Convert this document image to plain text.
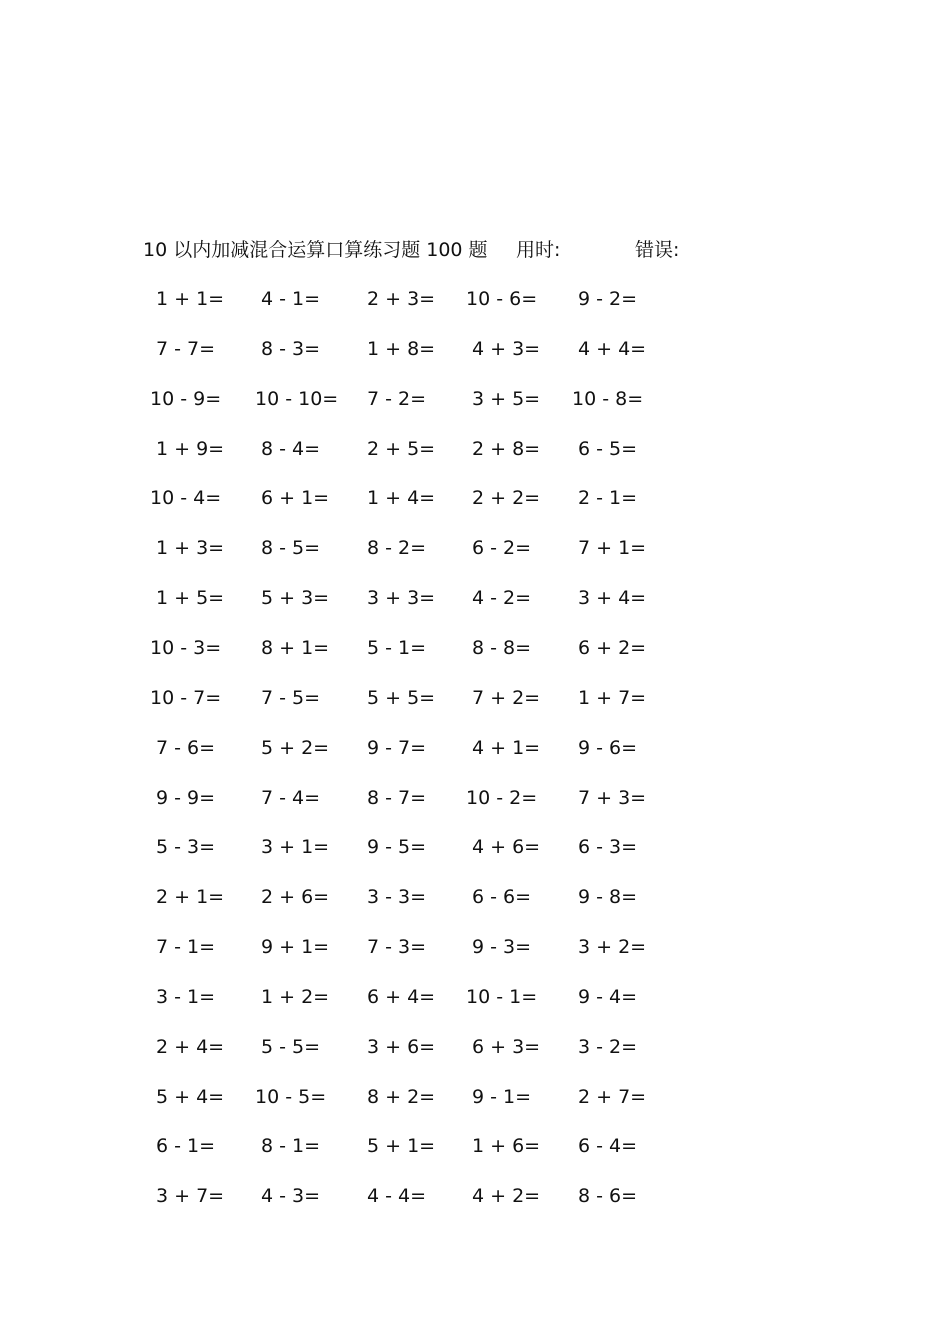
10 以内加减混合运算口算练习题 100 题 用时:	错误:
1 + 1= 4 - 1= 2 + 3= 10 - 6= 9 - 2=
7 - 7= 8 - 3= 1 + 8= 4 + 3= 4 + 4=
10 - 9= 10 - 10= 7 - 2= 3 + 5= 10 - 8=
1 + 9= 8 - 4= 2 + 5= 2 + 8= 6 - 5=
10 - 4= 6 + 1= 1 + 4= 2 + 2= 2 - 1=
1 + 3= 8 - 5= 8 - 2= 6 - 2= 7 + 1=
1 + 5= 5 + 3= 3 + 3= 4 - 2= 3 + 4=
10 - 3= 8 + 1= 5 - 1= 8 - 8= 6 + 2=
10 - 7= 7 - 5= 5 + 5= 7 + 2= 1 + 7=
7 - 6= 5 + 2= 9 - 7= 4 + 1= 9 - 6=
9 - 9= 7 - 4= 8 - 7= 10 - 2= 7 + 3=
5 - 3= 3 + 1= 9 - 5= 4 + 6= 6 - 3=
2 + 1= 2 + 6= 3 - 3= 6 - 6= 9 - 8=
7 - 1= 9 + 1= 7 - 3= 9 - 3= 3 + 2=
3 - 1= 1 + 2= 6 + 4= 10 - 1= 9 - 4=
2 + 4= 5 - 5= 3 + 6= 6 + 3= 3 - 2=
5 + 4= 10 - 5= 8 + 2= 9 - 1= 2 + 7=
6 - 1= 8 - 1= 5 + 1= 1 + 6= 6 - 4=
3 + 7= 4 - 3= 4 - 4= 4 + 2= 8 - 6=
